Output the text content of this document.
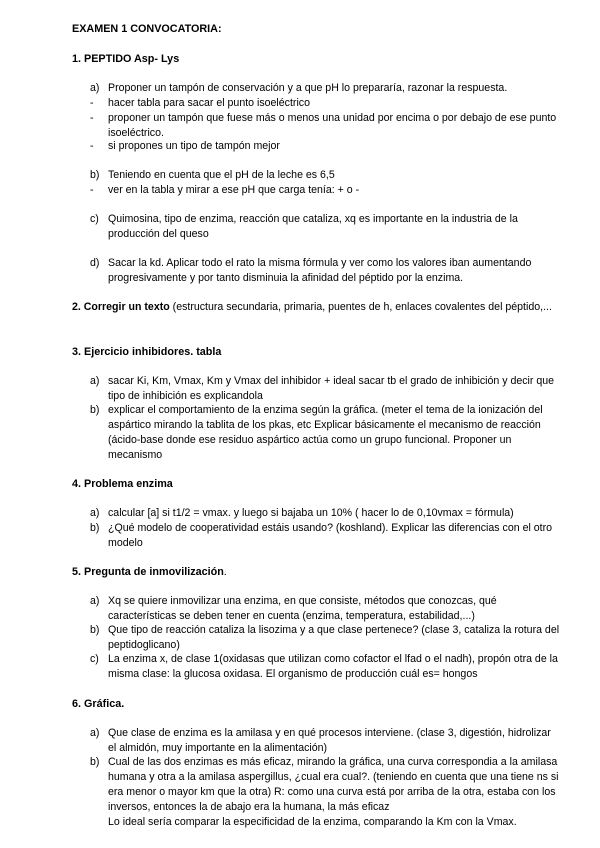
EXAMEN 1 CONVOCATORIA:
1. PEPTIDO Asp- Lys
a) Proponer un tampón de conservación y a que pH lo prepararía, razonar la respuesta.
-	hacer tabla para sacar el punto isoeléctrico
-	proponer un tampón que fuese más o menos una unidad por encima o por debajo de ese punto isoeléctrico.
-	si propones un tipo de tampón mejor
b) Teniendo en cuenta que el pH de la leche es 6,5
-	ver en la tabla y mirar a ese pH que carga tenía: + o -
c) Quimosina, tipo de enzima, reacción que cataliza, xq es importante en la industria de la producción del queso
d) Sacar la kd. Aplicar todo el rato la misma fórmula y ver como los valores iban aumentando progresivamente y por tanto disminuia la afinidad del péptido por la enzima.
2. Corregir un texto (estructura secundaria, primaria, puentes de h, enlaces covalentes del péptido,...
3. Ejercicio inhibidores. tabla
a) sacar Ki, Km, Vmax, Km y Vmax del inhibidor + ideal sacar tb el grado de inhibición y decir que tipo de inhibición es explicandola
b) explicar el comportamiento de la enzima según la gráfica. (meter el tema de la ionización del aspártico mirando la tablita de los pkas, etc Explicar básicamente el mecanismo de reacción (ácido-base donde ese residuo aspártico actúa como un grupo funcional. Proponer un mecanismo
4. Problema enzima
a) calcular [a] si t1/2 = vmax. y luego si bajaba un 10% ( hacer lo de 0,10vmax = fórmula)
b) ¿Qué modelo de cooperatividad estáis usando? (koshland). Explicar las diferencias con el otro modelo
5. Pregunta de inmovilización.
a) Xq se quiere inmovilizar una enzima, en que consiste, métodos que conozcas, qué características se deben tener en cuenta (enzima, temperatura, estabilidad,...)
b) Que tipo de reacción cataliza la lisozima y a que clase pertenece? (clase 3, cataliza la rotura del peptidoglicano)
c) La enzima x, de clase 1(oxidasas que utilizan como cofactor el lfad o el nadh), propón otra de la misma clase: la glucosa oxidasa. El organismo de producción cuál es= hongos
6. Gráfica.
a) Que clase de enzima es la amilasa y en qué procesos interviene. (clase 3, digestión, hidrolizar el almidón, muy importante en la alimentación)
b) Cual de las dos enzimas es más eficaz, mirando la gráfica, una curva correspondia a la amilasa humana y otra a la amilasa aspergillus, ¿cual era cual?. (teniendo en cuenta que una tiene ns si era menor o mayor km que la otra) R: como una curva está por arriba de la otra, estaba con los inversos, entonces la de abajo era la humana, la más eficaz
Lo ideal sería comparar la especificidad de la enzima, comparando la Km con la Vmax.
